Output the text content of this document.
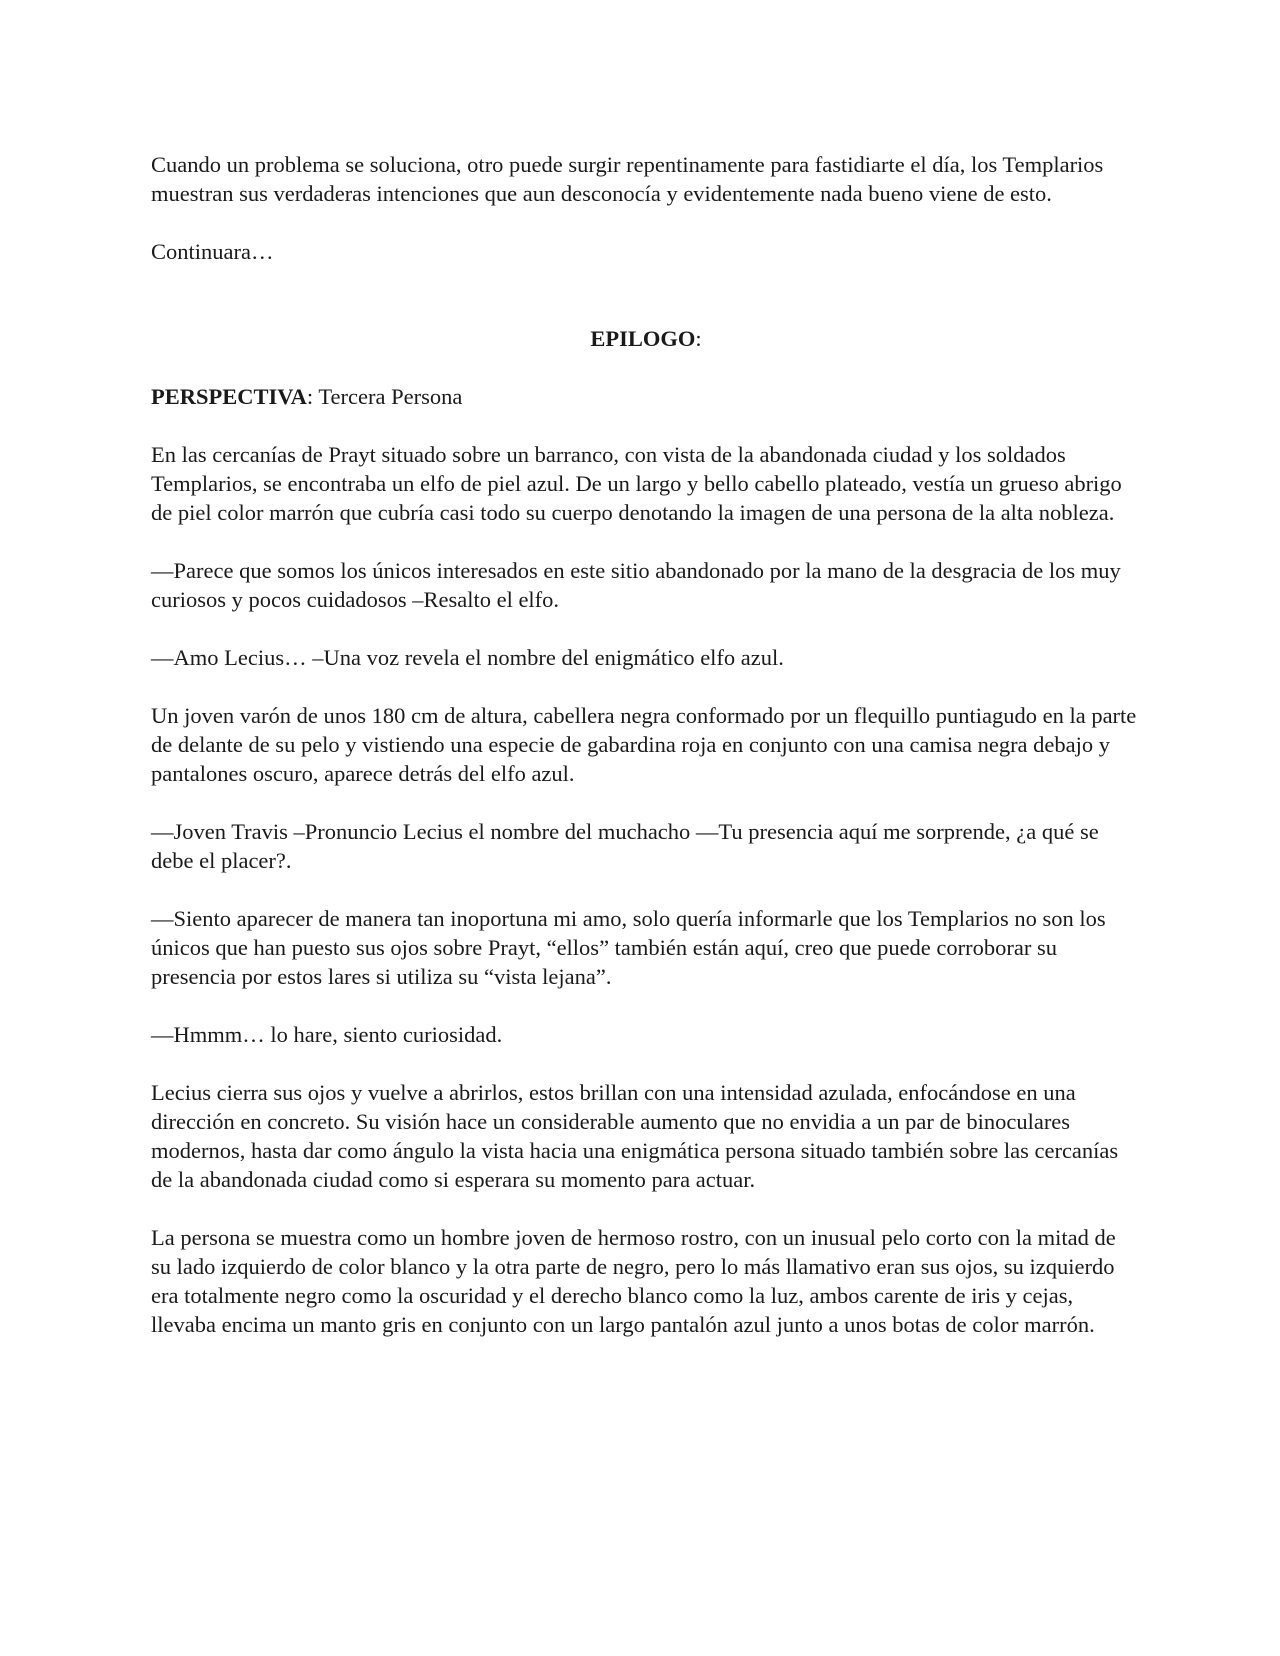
Cuando un problema se soluciona, otro puede surgir repentinamente para fastidiarte el día, los Templarios muestran sus verdaderas intenciones que aun desconocía y evidentemente nada bueno viene de esto.

Continuara…

EPILOGO:

PERSPECTIVA: Tercera Persona

En las cercanías de Prayt situado sobre un barranco, con vista de la abandonada ciudad y los soldados Templarios, se encontraba un elfo de piel azul. De un largo y bello cabello plateado, vestía un grueso abrigo de piel color marrón que cubría casi todo su cuerpo denotando la imagen de una persona de la alta nobleza.

—Parece que somos los únicos interesados en este sitio abandonado por la mano de la desgracia de los muy curiosos y pocos cuidadosos –Resalto el elfo.

—Amo Lecius… –Una voz revela el nombre del enigmático elfo azul.

Un joven varón de unos 180 cm de altura, cabellera negra conformado por un flequillo puntiagudo en la parte de delante de su pelo y vistiendo una especie de gabardina roja en conjunto con una camisa negra debajo y pantalones oscuro, aparece detrás del elfo azul.

—Joven Travis –Pronuncio Lecius el nombre del muchacho —Tu presencia aquí me sorprende, ¿a qué se debe el placer?.

—Siento aparecer de manera tan inoportuna mi amo, solo quería informarle que los Templarios no son los únicos que han puesto sus ojos sobre Prayt, “ellos” también están aquí, creo que puede corroborar su presencia por estos lares si utiliza su “vista lejana”.

—Hmmm… lo hare, siento curiosidad.

Lecius cierra sus ojos y vuelve a abrirlos, estos brillan con una intensidad azulada, enfocándose en una dirección en concreto. Su visión hace un considerable aumento que no envidia a un par de binoculares modernos, hasta dar como ángulo la vista hacia una enigmática persona situado también sobre las cercanías de la abandonada ciudad como si esperara su momento para actuar.

La persona se muestra como un hombre joven de hermoso rostro, con un inusual pelo corto con la mitad de su lado izquierdo de color blanco y la otra parte de negro, pero lo más llamativo eran sus ojos, su izquierdo era totalmente negro como la oscuridad y el derecho blanco como la luz, ambos carente de iris y cejas, llevaba encima un manto gris en conjunto con un largo pantalón azul junto a unos botas de color marrón.
